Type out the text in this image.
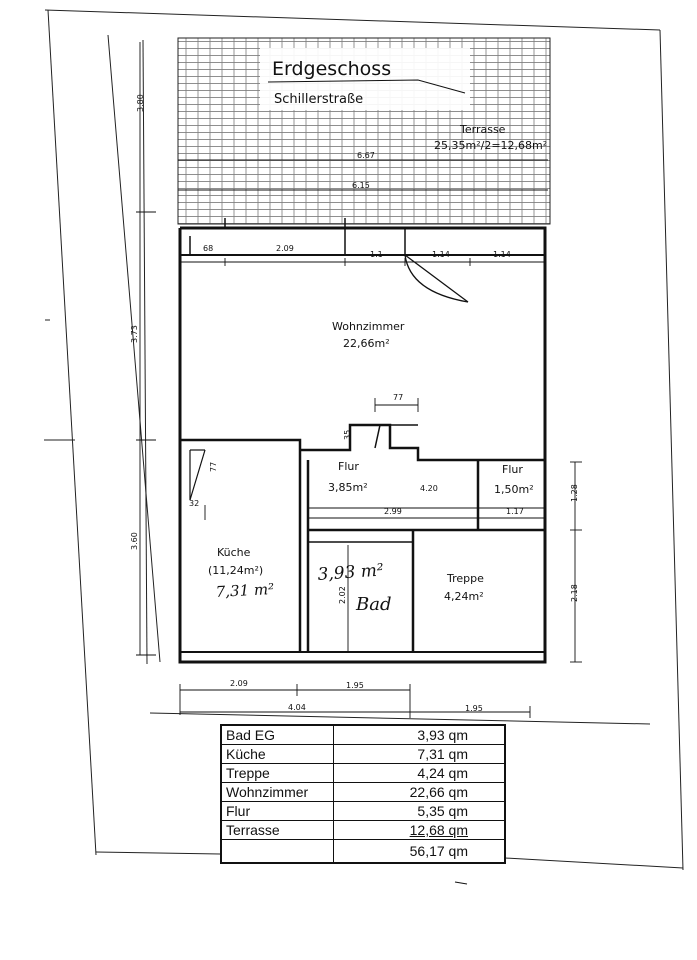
Erdgeschoss
Schillerstraße
Terrasse
25,35m²/2=12,68m²
Wohnzimmer
22,66m²
Flur
3,85m²
Flur
1,50m²
Küche
(11,24m²)
7,31 m²
3,93 m²
Bad
Treppe
4,24m²
3.80
6.67
6.15
68	2.09
1.1	1.14	1.14
3.73
77
35
77
4.20
32
2.99	1.17
1.28
3.60
2.02	2.18
2.09	1.95
4.04	1.95
Bad EG	3,93 qm
Küche	7,31 qm
Treppe	4,24 qm
Wohnzimmer	22,66 qm
Flur	5,35 qm
Terrasse	12,68 qm
	56,17 qm
